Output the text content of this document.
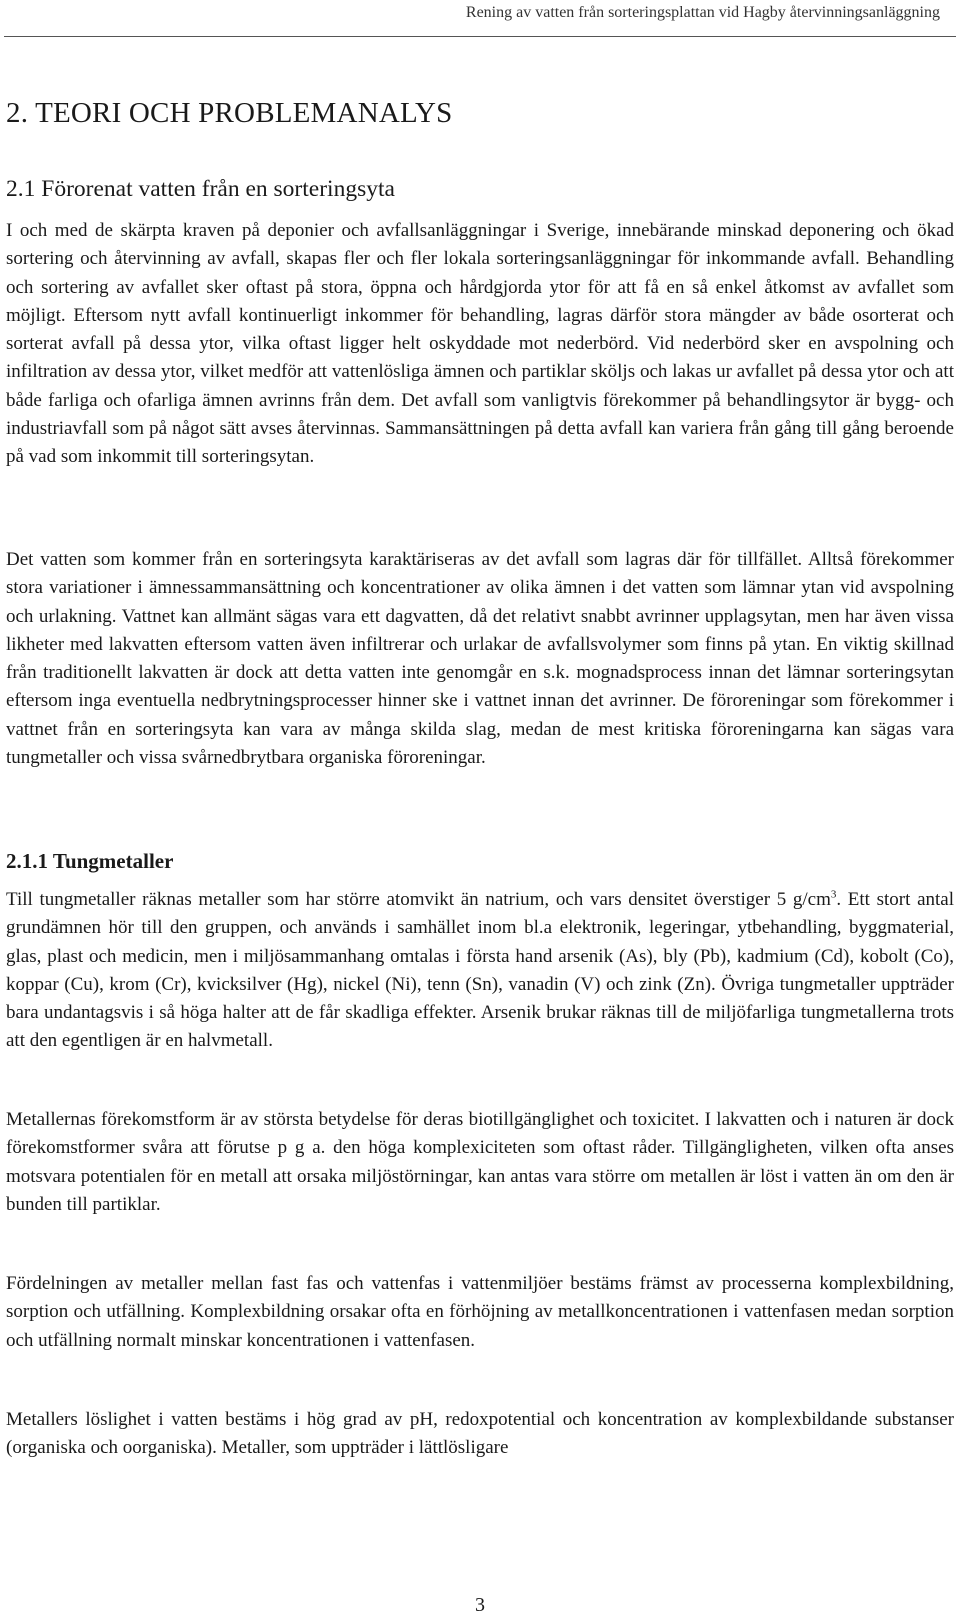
Rening av vatten från sorteringsplattan vid Hagby återvinningsanläggning
2. TEORI OCH PROBLEMANALYS
2.1 Förorenat vatten från en sorteringsyta

I och med de skärpta kraven på deponier och avfallsanläggningar i Sverige, innebärande minskad deponering och ökad sortering och återvinning av avfall, skapas fler och fler lokala sorteringsanläggningar för inkommande avfall. Behandling och sortering av avfallet sker oftast på stora, öppna och hårdgjorda ytor för att få en så enkel åtkomst av avfallet som möjligt. Eftersom nytt avfall kontinuerligt inkommer för behandling, lagras därför stora mängder av både osorterat och sorterat avfall på dessa ytor, vilka oftast ligger helt oskyddade mot nederbörd. Vid nederbörd sker en avspolning och infiltration av dessa ytor, vilket medför att vattenlösliga ämnen och partiklar sköljs och lakas ur avfallet på dessa ytor och att både farliga och ofarliga ämnen avrinns från dem. Det avfall som vanligtvis förekommer på behandlingsytor är bygg- och industriavfall som på något sätt avses återvinnas. Sammansättningen på detta avfall kan variera från gång till gång beroende på vad som inkommit till sorteringsytan.

Det vatten som kommer från en sorteringsyta karaktäriseras av det avfall som lagras där för tillfället. Alltså förekommer stora variationer i ämnessammansättning och koncentrationer av olika ämnen i det vatten som lämnar ytan vid avspolning och urlakning. Vattnet kan allmänt sägas vara ett dagvatten, då det relativt snabbt avrinner upplagsytan, men har även vissa likheter med lakvatten eftersom vatten även infiltrerar och urlakar de avfallsvolymer som finns på ytan. En viktig skillnad från traditionellt lakvatten är dock att detta vatten inte genomgår en s.k. mognadsprocess innan det lämnar sorteringsytan eftersom inga eventuella nedbrytningsprocesser hinner ske i vattnet innan det avrinner. De föroreningar som förekommer i vattnet från en sorteringsyta kan vara av många skilda slag, medan de mest kritiska föroreningarna kan sägas vara tungmetaller och vissa svårnedbrytbara organiska föroreningar.

2.1.1 Tungmetaller

Till tungmetaller räknas metaller som har större atomvikt än natrium, och vars densitet överstiger 5 $g/cm^3$. Ett stort antal grundämnen hör till den gruppen, och används i samhället inom bl.a elektronik, legeringar, ytbehandling, byggmaterial, glas, plast och medicin, men i miljösammanhang omtalas i första hand arsenik (As), bly (Pb), kadmium (Cd), kobolt (Co), koppar (Cu), krom (Cr), kvicksilver (Hg), nickel (Ni), tenn (Sn), vanadin (V) och zink (Zn). Övriga tungmetaller uppträder bara undantagsvis i så höga halter att de får skadliga effekter. Arsenik brukar räknas till de miljöfarliga tungmetallerna trots att den egentligen är en halvmetall.

Metallernas förekomstform är av största betydelse för deras biotillgänglighet och toxicitet. I lakvatten och i naturen är dock förekomstformer svåra att förutse p g a. den höga komplexiciteten som oftast råder. Tillgängligheten, vilken ofta anses motsvara potentialen för en metall att orsaka miljöstörningar, kan antas vara större om metallen är löst i vatten än om den är bunden till partiklar.

Fördelningen av metaller mellan fast fas och vattenfas i vattenmiljöer bestäms främst av processerna komplexbildning, sorption och utfällning. Komplexbildning orsakar ofta en förhöjning av metallkoncentrationen i vattenfasen medan sorption och utfällning normalt minskar koncentrationen i vattenfasen.

Metallers löslighet i vatten bestäms i hög grad av pH, redoxpotential och koncentration av komplexbildande substanser (organiska och oorganiska). Metaller, som uppträder i lättlösligare

3
